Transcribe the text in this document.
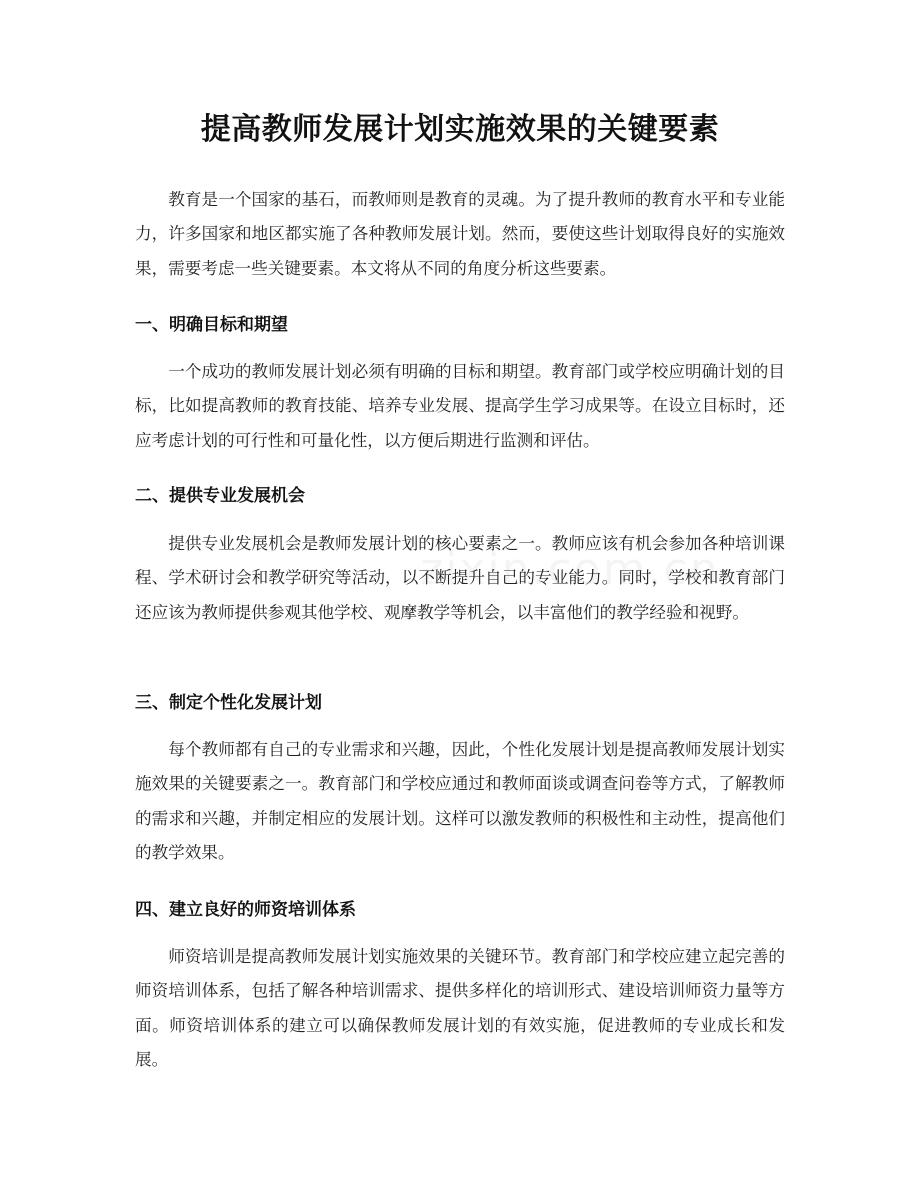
提高教师发展计划实施效果的关键要素
教育是一个国家的基石，而教师则是教育的灵魂。为了提升教师的教育水平和专业能力，许多国家和地区都实施了各种教师发展计划。然而，要使这些计划取得良好的实施效果，需要考虑一些关键要素。本文将从不同的角度分析这些要素。
一、明确目标和期望
一个成功的教师发展计划必须有明确的目标和期望。教育部门或学校应明确计划的目标，比如提高教师的教育技能、培养专业发展、提高学生学习成果等。在设立目标时，还应考虑计划的可行性和可量化性，以方便后期进行监测和评估。
二、提供专业发展机会
提供专业发展机会是教师发展计划的核心要素之一。教师应该有机会参加各种培训课程、学术研讨会和教学研究等活动，以不断提升自己的专业能力。同时，学校和教育部门还应该为教师提供参观其他学校、观摩教学等机会，以丰富他们的教学经验和视野。
三、制定个性化发展计划
每个教师都有自己的专业需求和兴趣，因此，个性化发展计划是提高教师发展计划实施效果的关键要素之一。教育部门和学校应通过和教师面谈或调查问卷等方式，了解教师的需求和兴趣，并制定相应的发展计划。这样可以激发教师的积极性和主动性，提高他们的教学效果。
四、建立良好的师资培训体系
师资培训是提高教师发展计划实施效果的关键环节。教育部门和学校应建立起完善的师资培训体系，包括了解各种培训需求、提供多样化的培训形式、建设培训师资力量等方面。师资培训体系的建立可以确保教师发展计划的有效实施，促进教师的专业成长和发展。
